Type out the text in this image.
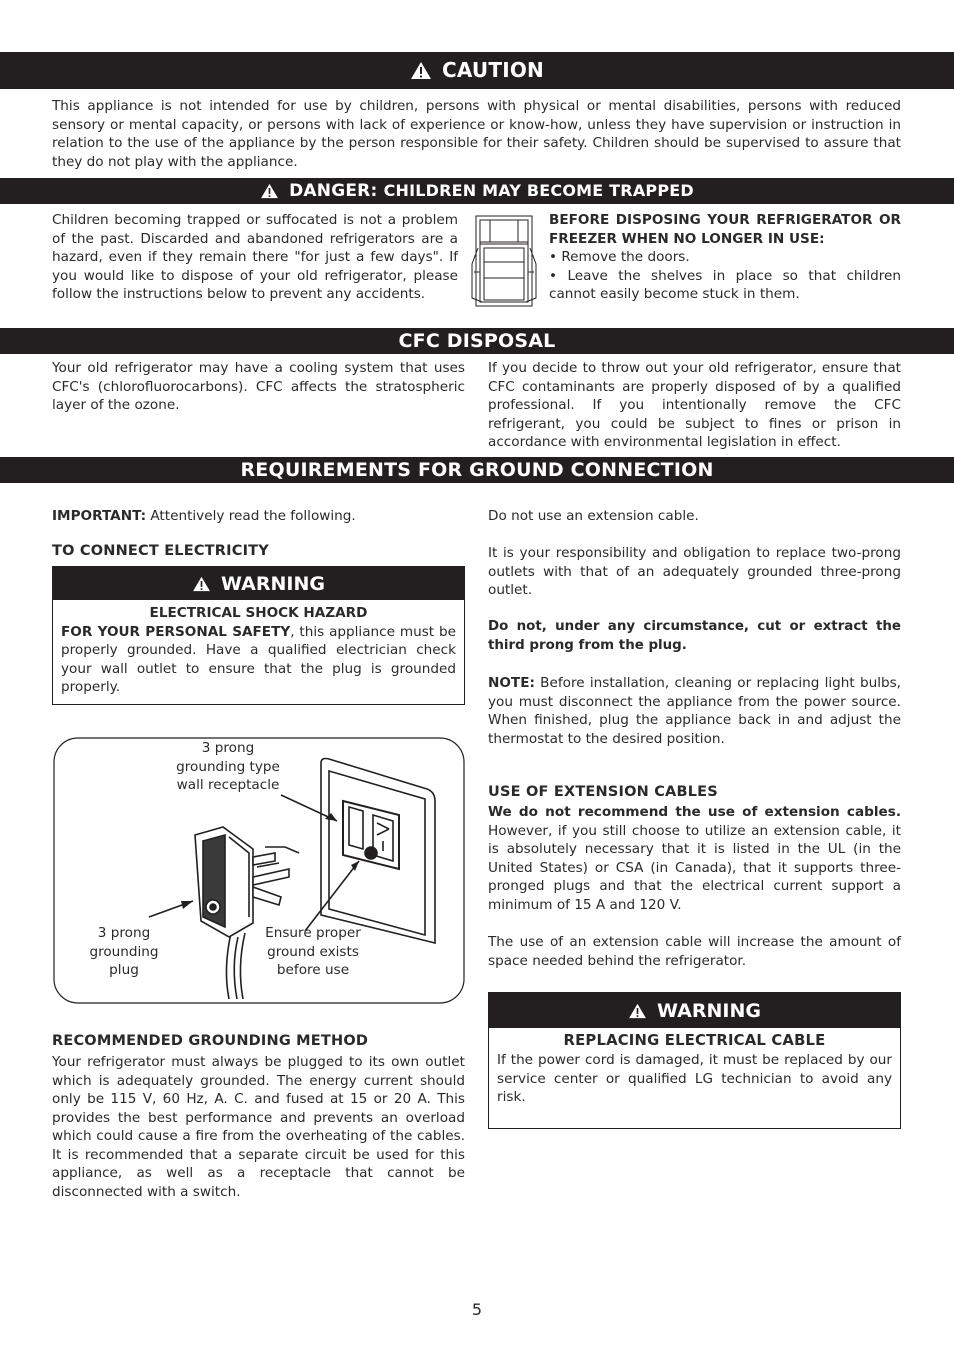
CAUTION
This appliance is not intended for use by children, persons with physical or mental disabilities, persons with reduced sensory or mental capacity, or persons with lack of experience or know-how, unless they have supervision or instruction in relation to the use of the appliance by the person responsible for their safety. Children should be supervised to assure that they do not play with the appliance.
DANGER:
CHILDREN MAY BECOME TRAPPED
Children becoming trapped or suffocated is not a problem of the past. Discarded and abandoned refrigerators are a hazard, even if they remain there "for just a few days". If you would like to dispose of your old refrigerator, please follow the instructions below to prevent any accidents.
BEFORE DISPOSING YOUR REFRIGERATOR OR FREEZER WHEN NO LONGER IN USE:
• Remove the doors.
• Leave the shelves in place so that children cannot easily become stuck in them.
CFC DISPOSAL
Your old refrigerator may have a cooling system that uses CFC's (chlorofluorocarbons). CFC affects the stratospheric layer of the ozone.
If you decide to throw out your old refrigerator, ensure that CFC contaminants are properly disposed of by a qualified professional. If you intentionally remove the CFC refrigerant, you could be subject to fines or prison in accordance with environmental legislation in effect.
REQUIREMENTS FOR GROUND CONNECTION
IMPORTANT: Attentively read the following.
TO CONNECT ELECTRICITY
WARNING
ELECTRICAL SHOCK HAZARD
FOR YOUR PERSONAL SAFETY, this appliance must be properly grounded. Have a qualified electrician check your wall outlet to ensure that the plug is grounded properly.
3 prong
grounding type
wall receptacle
3 prong
grounding
plug
Ensure proper
ground exists
before use
RECOMMENDED GROUNDING METHOD
Your refrigerator must always be plugged to its own outlet which is adequately grounded. The energy current should only be 115 V, 60 Hz, A. C. and fused at 15 or 20 A. This provides the best performance and prevents an overload which could cause a fire from the overheating of the cables. It is recommended that a separate circuit be used for this appliance, as well as a receptacle that cannot be disconnected with a switch.
Do not use an extension cable.
It is your responsibility and obligation to replace two-prong outlets with that of an adequately grounded three-prong outlet.
Do not, under any circumstance, cut or extract the third prong from the plug.
NOTE: Before installation, cleaning or replacing light bulbs, you must disconnect the appliance from the power source. When finished, plug the appliance back in and adjust the thermostat to the desired position.
USE OF EXTENSION CABLES
We do not recommend the use of extension cables. However, if you still choose to utilize an extension cable, it is absolutely necessary that it is listed in the UL (in the United States) or CSA (in Canada), that it supports three-pronged plugs and that the electrical current support a minimum of 15 A and 120 V.
The use of an extension cable will increase the amount of space needed behind the refrigerator.
WARNING
REPLACING ELECTRICAL CABLE
If the power cord is damaged, it must be replaced by our service center or qualified LG technician to avoid any risk.
5
